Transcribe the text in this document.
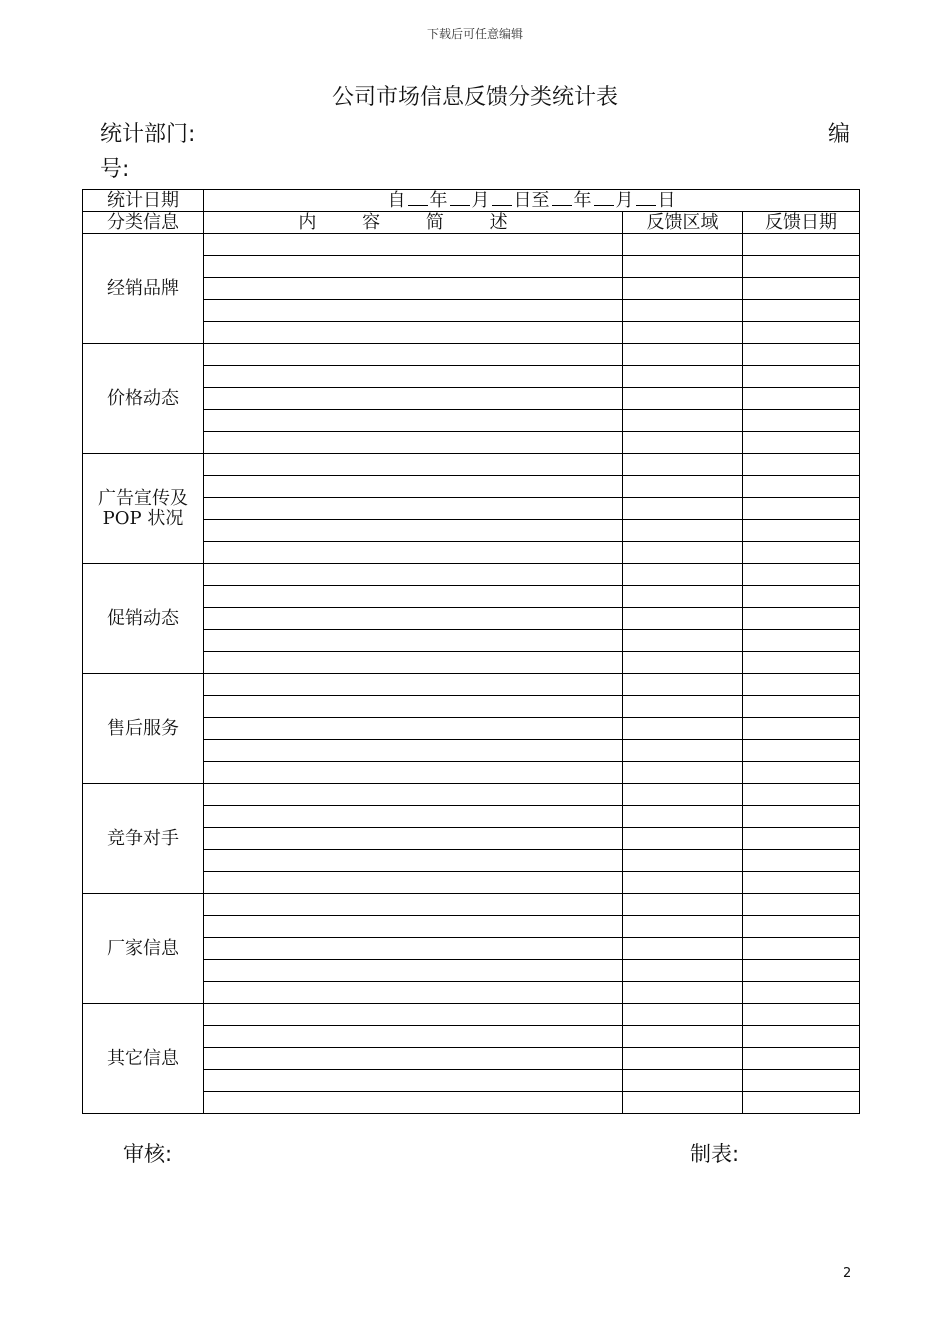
下载后可任意编辑
公司市场信息反馈分类统计表
统计部门:	编
号:
统计日期	自 年 月 日至 年 月 日		
分类信息	内 容 简 述	反馈区域	反馈日期

经销品牌			

价格动态			

广告宣传及
POP 状况			

促销动态			

售后服务			

竞争对手			

厂家信息			

其它信息			

审核:	制表:
2
